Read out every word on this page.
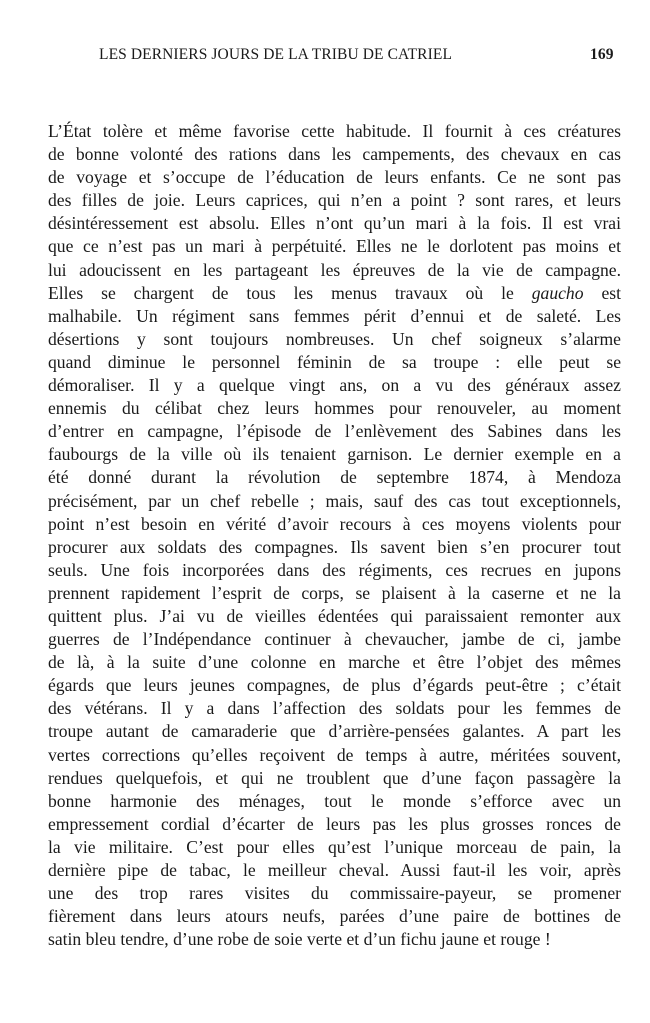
LES DERNIERS JOURS DE LA TRIBU DE CATRIEL	169
L’État tolère et même favorise cette habitude. Il fournit à ces créatures
de bonne volonté des rations dans les campements, des chevaux en cas
de voyage et s’occupe de l’éducation de leurs enfants. Ce ne sont pas
des filles de joie. Leurs caprices, qui n’en a point ? sont rares, et leurs
désintéressement est absolu. Elles n’ont qu’un mari à la fois. Il est vrai
que ce n’est pas un mari à perpétuité. Elles ne le dorlotent pas moins et
lui adoucissent en les partageant les épreuves de la vie de campagne.
Elles se chargent de tous les menus travaux où le gaucho est
malhabile. Un régiment sans femmes périt d’ennui et de saleté. Les
désertions y sont toujours nombreuses. Un chef soigneux s’alarme
quand diminue le personnel féminin de sa troupe : elle peut se
démoraliser. Il y a quelque vingt ans, on a vu des généraux assez
ennemis du célibat chez leurs hommes pour renouveler, au moment
d’entrer en campagne, l’épisode de l’enlèvement des Sabines dans les
faubourgs de la ville où ils tenaient garnison. Le dernier exemple en a
été donné durant la révolution de septembre 1874, à Mendoza
précisément, par un chef rebelle ; mais, sauf des cas tout exceptionnels,
point n’est besoin en vérité d’avoir recours à ces moyens violents pour
procurer aux soldats des compagnes. Ils savent bien s’en procurer tout
seuls. Une fois incorporées dans des régiments, ces recrues en jupons
prennent rapidement l’esprit de corps, se plaisent à la caserne et ne la
quittent plus. J’ai vu de vieilles édentées qui paraissaient remonter aux
guerres de l’Indépendance continuer à chevaucher, jambe de ci, jambe
de là, à la suite d’une colonne en marche et être l’objet des mêmes
égards que leurs jeunes compagnes, de plus d’égards peut-être ; c’était
des vétérans. Il y a dans l’affection des soldats pour les femmes de
troupe autant de camaraderie que d’arrière-pensées galantes. A part les
vertes corrections qu’elles reçoivent de temps à autre, méritées souvent,
rendues quelquefois, et qui ne troublent que d’une façon passagère la
bonne harmonie des ménages, tout le monde s’efforce avec un
empressement cordial d’écarter de leurs pas les plus grosses ronces de
la vie militaire. C’est pour elles qu’est l’unique morceau de pain, la
dernière pipe de tabac, le meilleur cheval. Aussi faut-il les voir, après
une des trop rares visites du commissaire-payeur, se promener
fièrement dans leurs atours neufs, parées d’une paire de bottines de
satin bleu tendre, d’une robe de soie verte et d’un fichu jaune et rouge !
